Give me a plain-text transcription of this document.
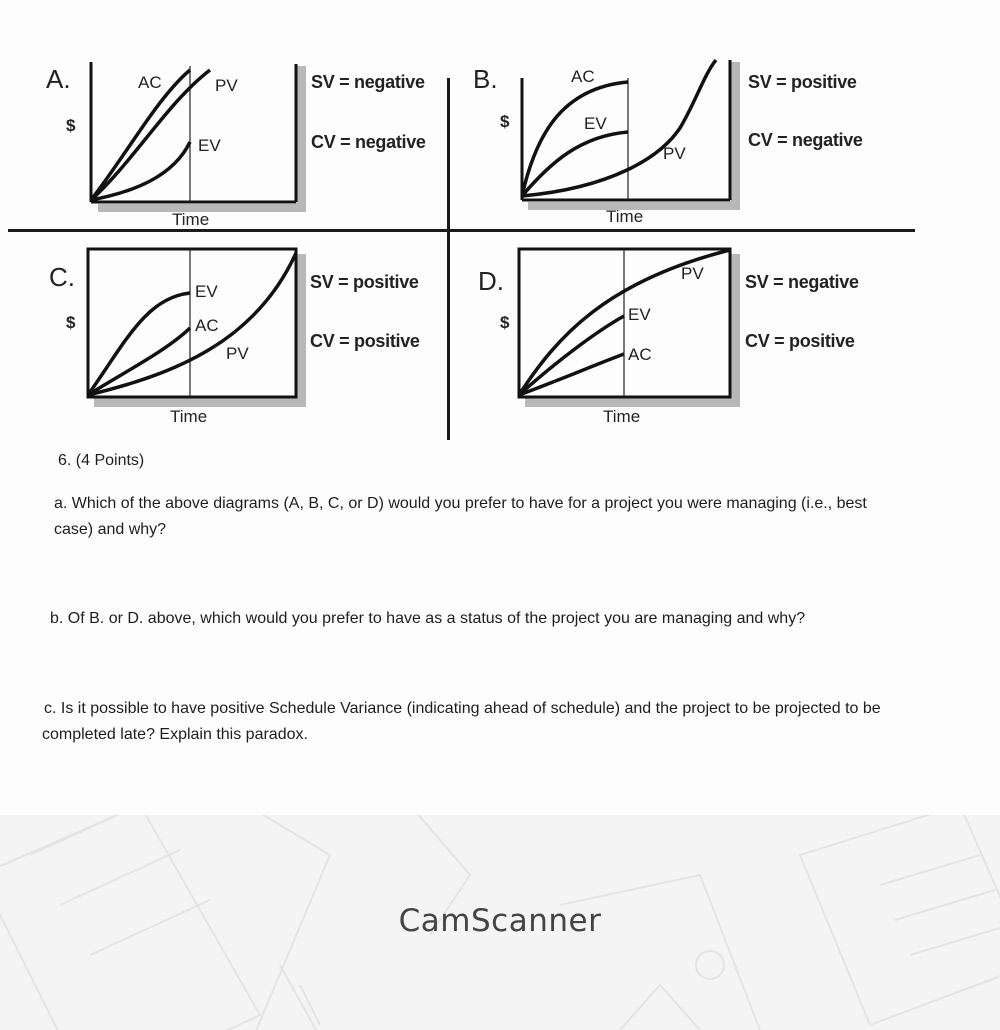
A.
$
AC	PV
EV
Time
SV = negative
CV = negative
B.
$
AC
EV
PV
Time
SV = positive
CV = negative
C.
$
EV
AC
PV
Time
SV = positive
CV = positive
D.
$
PV
EV
AC
Time
SV = negative
CV = positive
6. (4 Points)
a. Which of the above diagrams (A, B, C, or D) would you prefer to have for a project you were managing (i.e., best
case) and why?
b. Of B. or D. above, which would you prefer to have as a status of the project you are managing and why?
c. Is it possible to have positive Schedule Variance (indicating ahead of schedule) and the project to be projected to be
completed late? Explain this paradox.
CamScanner
